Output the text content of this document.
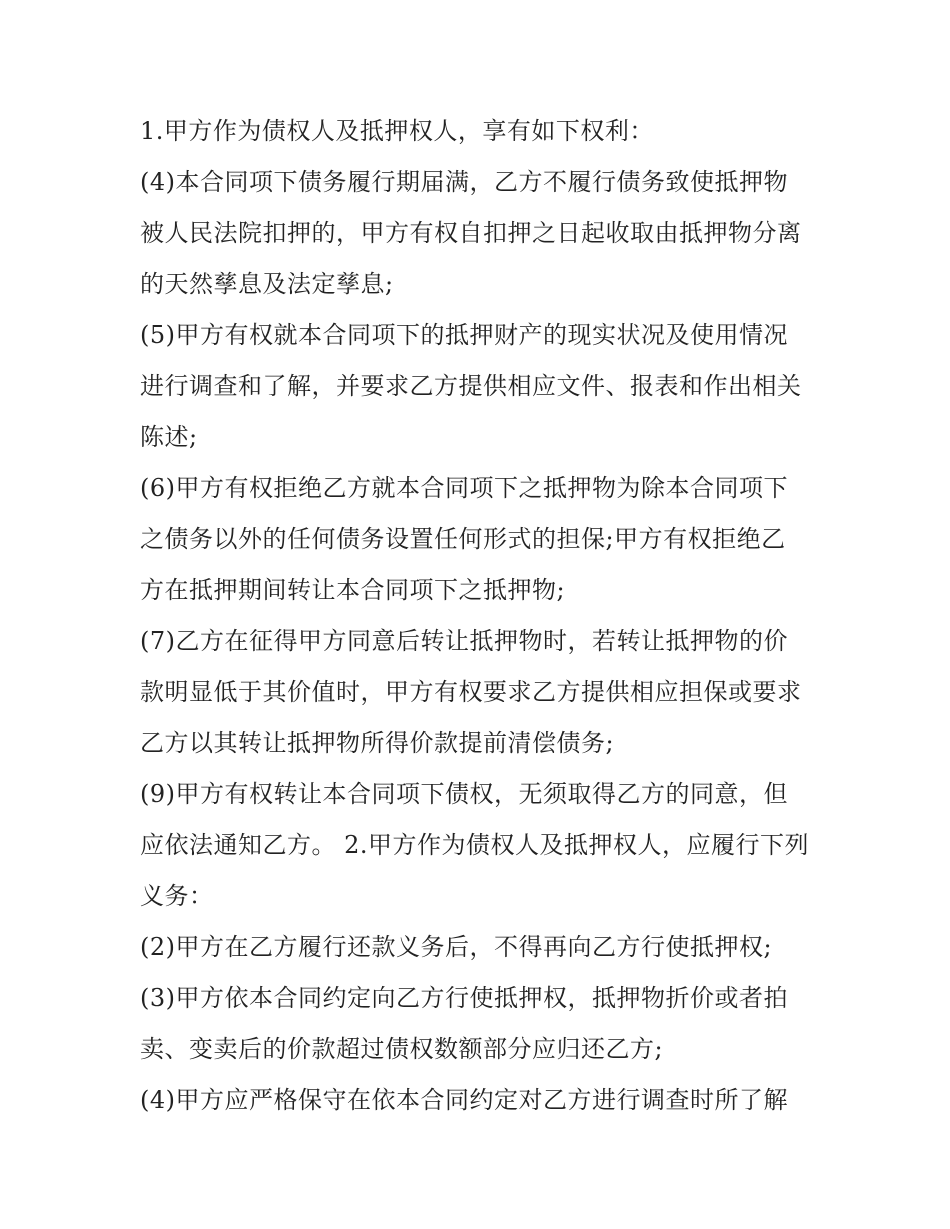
1.甲方作为债权人及抵押权人，享有如下权利：
(4)本合同项下债务履行期届满，乙方不履行债务致使抵押物
被人民法院扣押的，甲方有权自扣押之日起收取由抵押物分离
的天然孳息及法定孳息;
(5)甲方有权就本合同项下的抵押财产的现实状况及使用情况
进行调查和了解，并要求乙方提供相应文件、报表和作出相关
陈述;
(6)甲方有权拒绝乙方就本合同项下之抵押物为除本合同项下
之债务以外的任何债务设置任何形式的担保;甲方有权拒绝乙
方在抵押期间转让本合同项下之抵押物;
(7)乙方在征得甲方同意后转让抵押物时，若转让抵押物的价
款明显低于其价值时，甲方有权要求乙方提供相应担保或要求
乙方以其转让抵押物所得价款提前清偿债务;
(9)甲方有权转让本合同项下债权，无须取得乙方的同意，但
应依法通知乙方。 2.甲方作为债权人及抵押权人，应履行下列
义务：
(2)甲方在乙方履行还款义务后，不得再向乙方行使抵押权;
(3)甲方依本合同约定向乙方行使抵押权，抵押物折价或者拍
卖、变卖后的价款超过债权数额部分应归还乙方;
(4)甲方应严格保守在依本合同约定对乙方进行调查时所了解
